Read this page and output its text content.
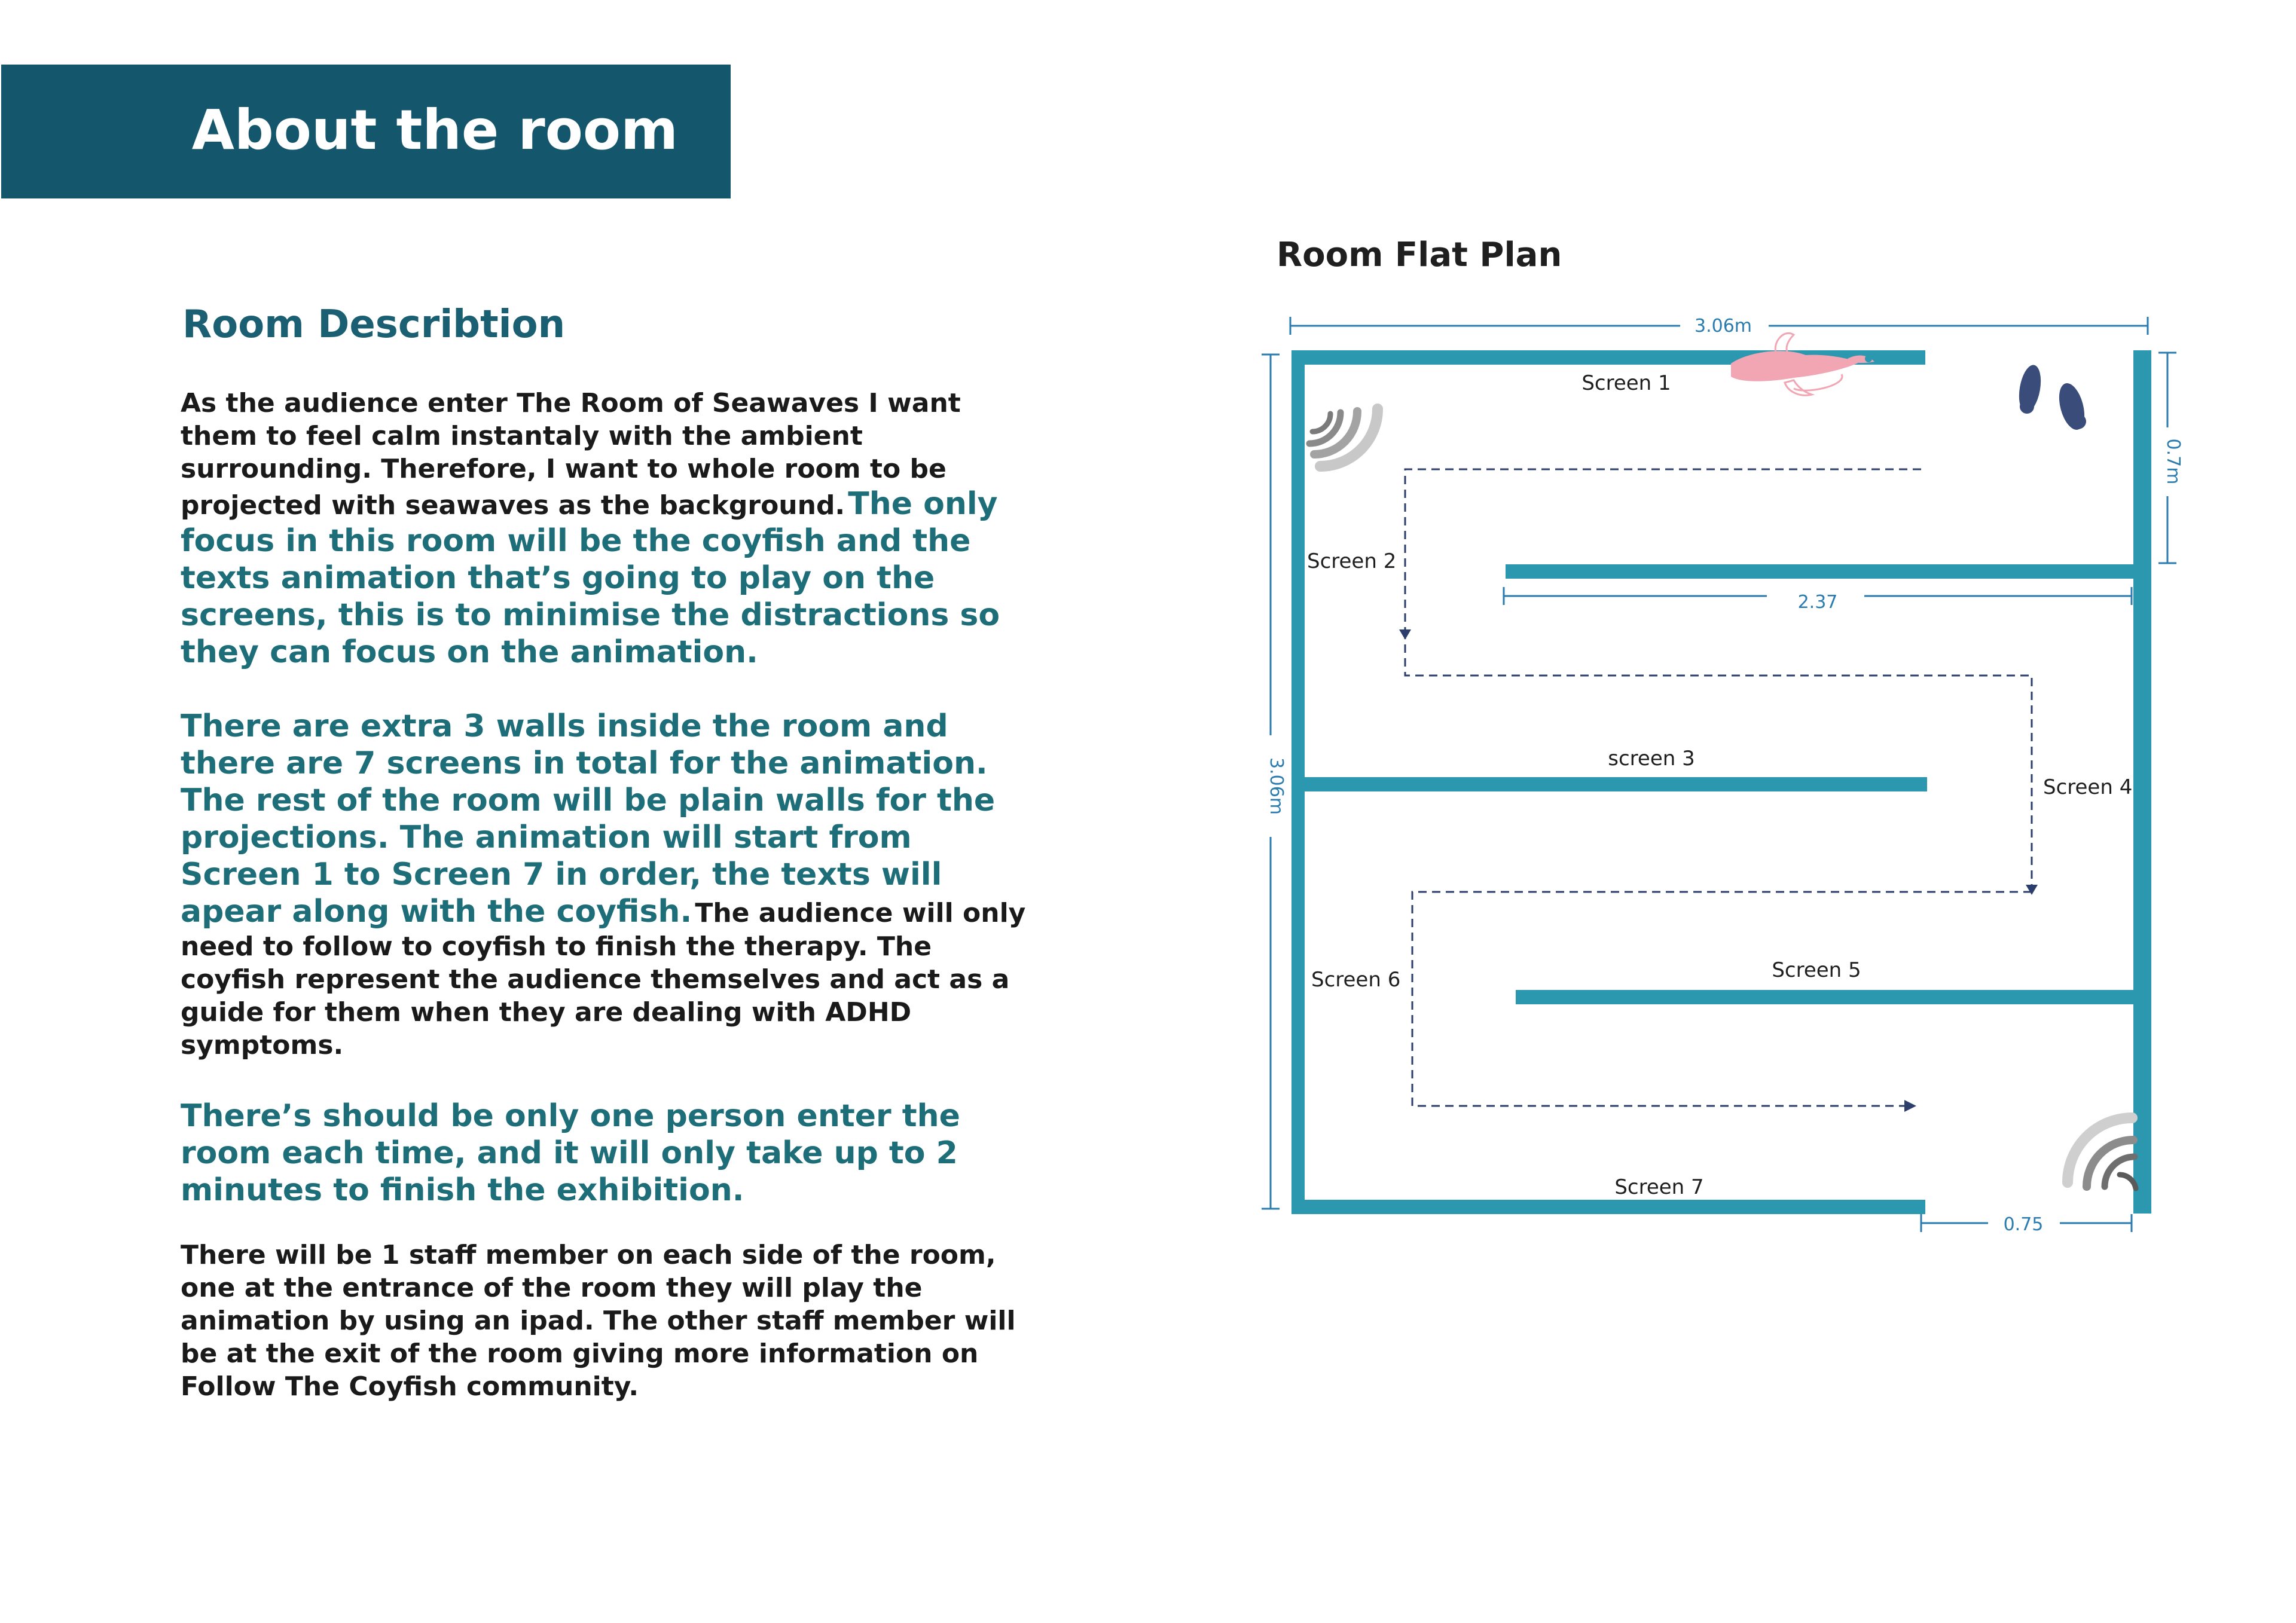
About the room
Room Describtion

As the audience enter The Room of Seawaves I want them to feel calm instantaly with the ambient surrounding. Therefore, I want to whole room to be projected with seawaves as the background. The only focus in this room will be the coyfish and the texts animation that’s going to play on the screens, this is to minimise the distractions so they can focus on the animation.

There are extra 3 walls inside the room and there are 7 screens in total for the animation. The rest of the room will be plain walls for the projections. The animation will start from Screen 1 to Screen 7 in order, the texts will apear along with the coyfish. The audience will only need to follow to coyfish to finish the therapy. The coyfish represent the audience themselves and act as a guide for them when they are dealing with ADHD symptoms.

There’s should be only one person enter the room each time, and it will only take up to 2 minutes to finish the exhibition.

There will be 1 staff member on each side of the room, one at the entrance of the room they will play the animation by using an ipad. The other staff member will be at the exit of the room giving more information on Follow The Coyfish community.

Room Flat Plan
3.06m
3.06m
0.7m
2.37
0.75
Screen 1
Screen 2
screen 3
Screen 4
Screen 5
Screen 6
Screen 7
